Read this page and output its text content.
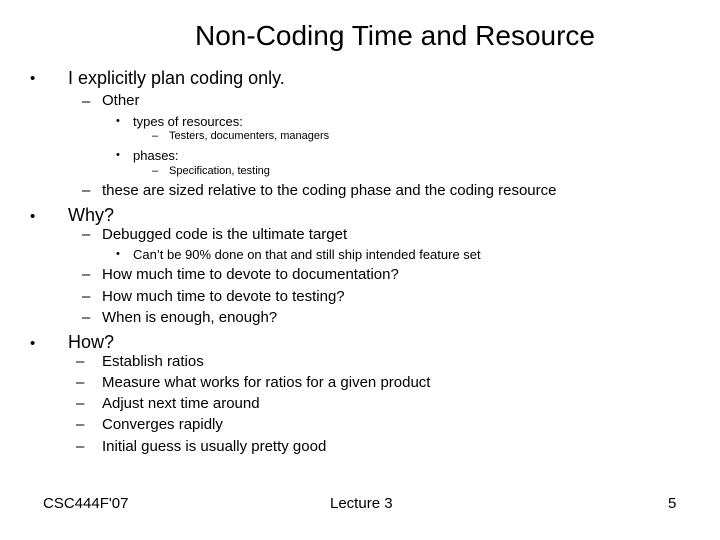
Non-Coding Time and Resource
• I explicitly plan coding only.
– Other
• types of resources:
– Testers, documenters, managers
• phases:
– Specification, testing
– these are sized relative to the coding phase and the coding resource
• Why?
– Debugged code is the ultimate target
• Can’t be 90% done on that and still ship intended feature set
– How much time to devote to documentation?
– How much time to devote to testing?
– When is enough, enough?
• How?
– Establish ratios
– Measure what works for ratios for a given product
– Adjust next time around
– Converges rapidly
– Initial guess is usually pretty good
CSC444F'07	Lecture 3	5
